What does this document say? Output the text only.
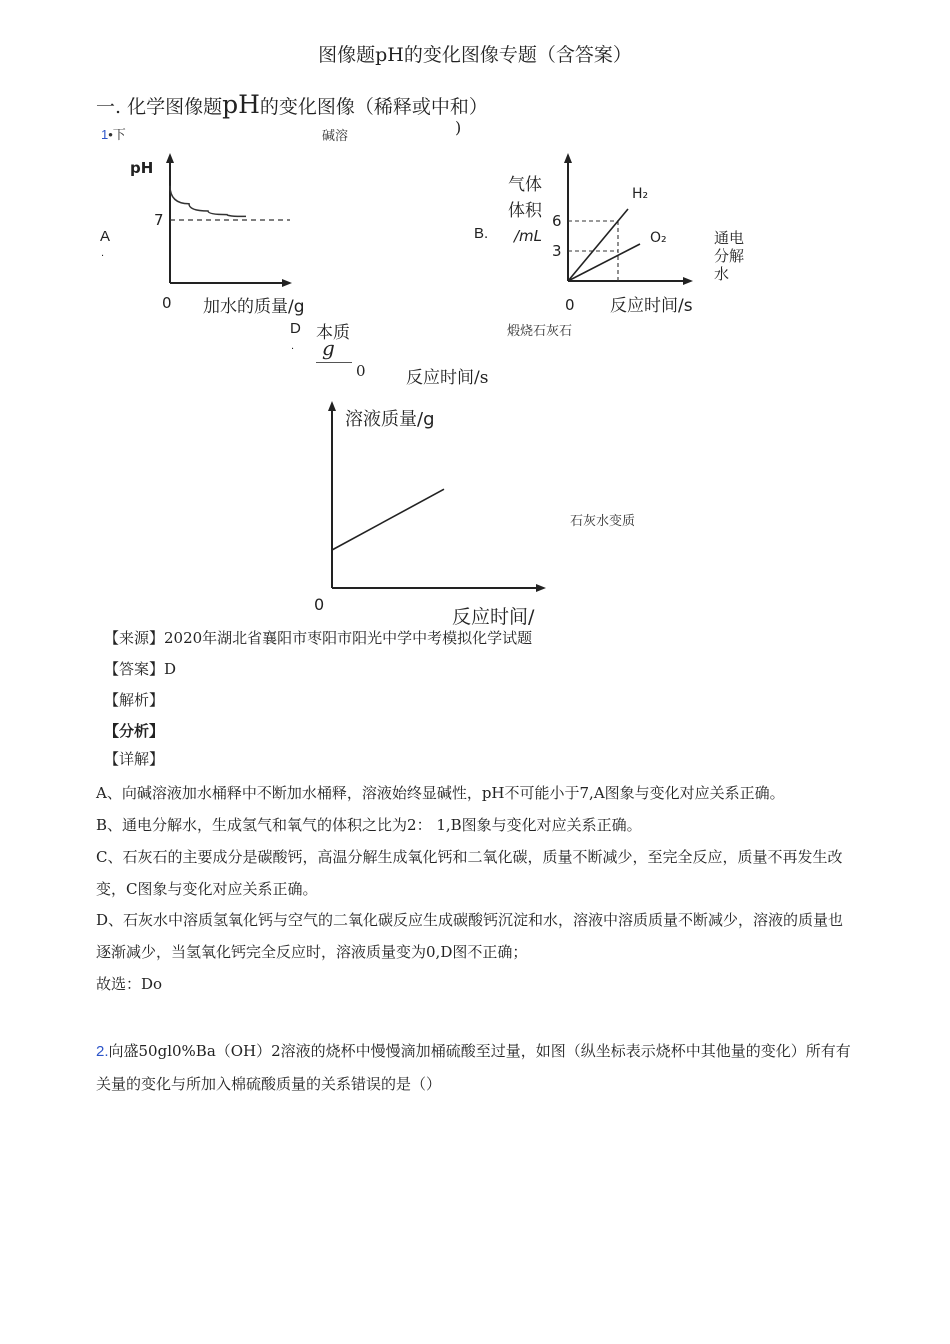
图像题pH的变化图像专题（含答案）
一. 化学图像题pH的变化图像（稀释或中和）
1•下	碱溶	)
A
.
pH
7
0 加水的质量/g
B.
气体
体积
/mL
6
3
H₂
O₂
0 反应时间/s
通电
分解
水
煅烧石灰石
D
.
本质
g
0 反应时间/s
溶液质量/g
0
反应时间/
石灰水变质
【来源】2020年湖北省襄阳市枣阳市阳光中学中考模拟化学试题
【答案】D
【解析】
【分析】
【详解】
A、向碱溶液加水桶释中不断加水桶释，溶液始终显碱性，pH不可能小于7,A图象与变化对应关系正确。
B、通电分解水，生成氢气和氧气的体积之比为2： 1,B图象与变化对应关系正确。
C、石灰石的主要成分是碳酸钙，高温分解生成氧化钙和二氧化碳，质量不断减少，至完全反应，质量不再发生改变，C图象与变化对应关系正确。
D、石灰水中溶质氢氧化钙与空气的二氧化碳反应生成碳酸钙沉淀和水，溶液中溶质质量不断减少，溶液的质量也逐渐减少，当氢氧化钙完全反应时，溶液质量变为0,D图不正确；
故选：Do
2.向盛50gl0%Ba（OH）2溶液的烧杯中慢慢滴加桶硫酸至过量，如图（纵坐标表示烧杯中其他量的变化）所有有关量的变化与所加入棉硫酸质量的关系错误的是（）
